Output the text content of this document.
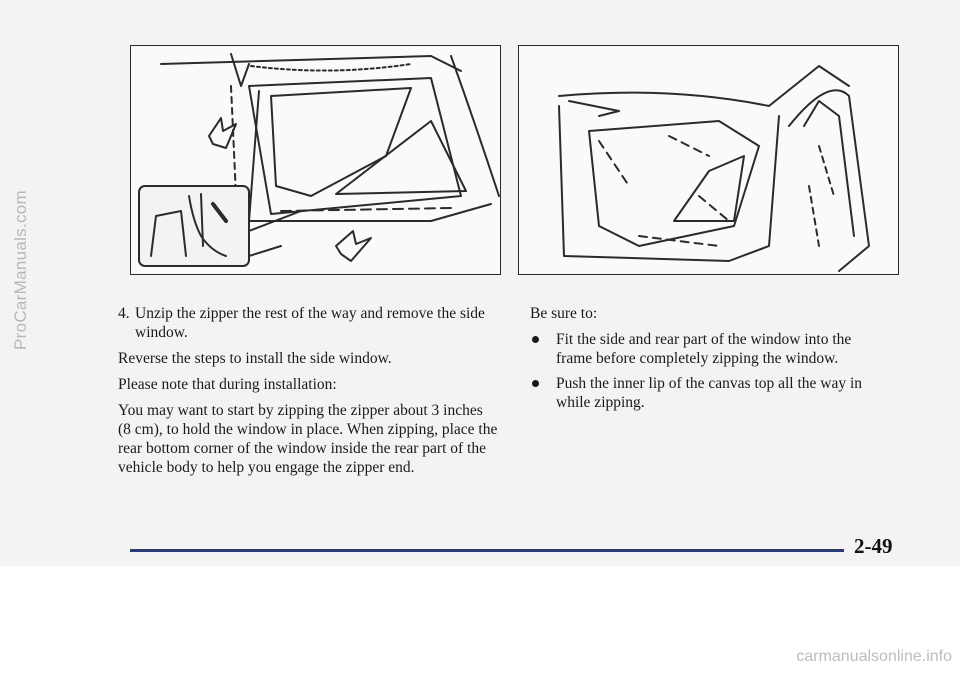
ProCarManuals.com	4. Unzip the zipper the rest of the way and remove the side window.

Reverse the steps to install the side window.

Please note that during installation:

You may want to start by zipping the zipper about 3 inches (8 cm), to hold the window in place. When zipping, place the rear bottom corner of the window inside the rear part of the vehicle body to help you engage the zipper end.

Be sure to:

Fit the side and rear part of the window into the frame before completely zipping the window.
Push the inner lip of the canvas top all the way in while zipping.
2-49
carmanualsonline.info
